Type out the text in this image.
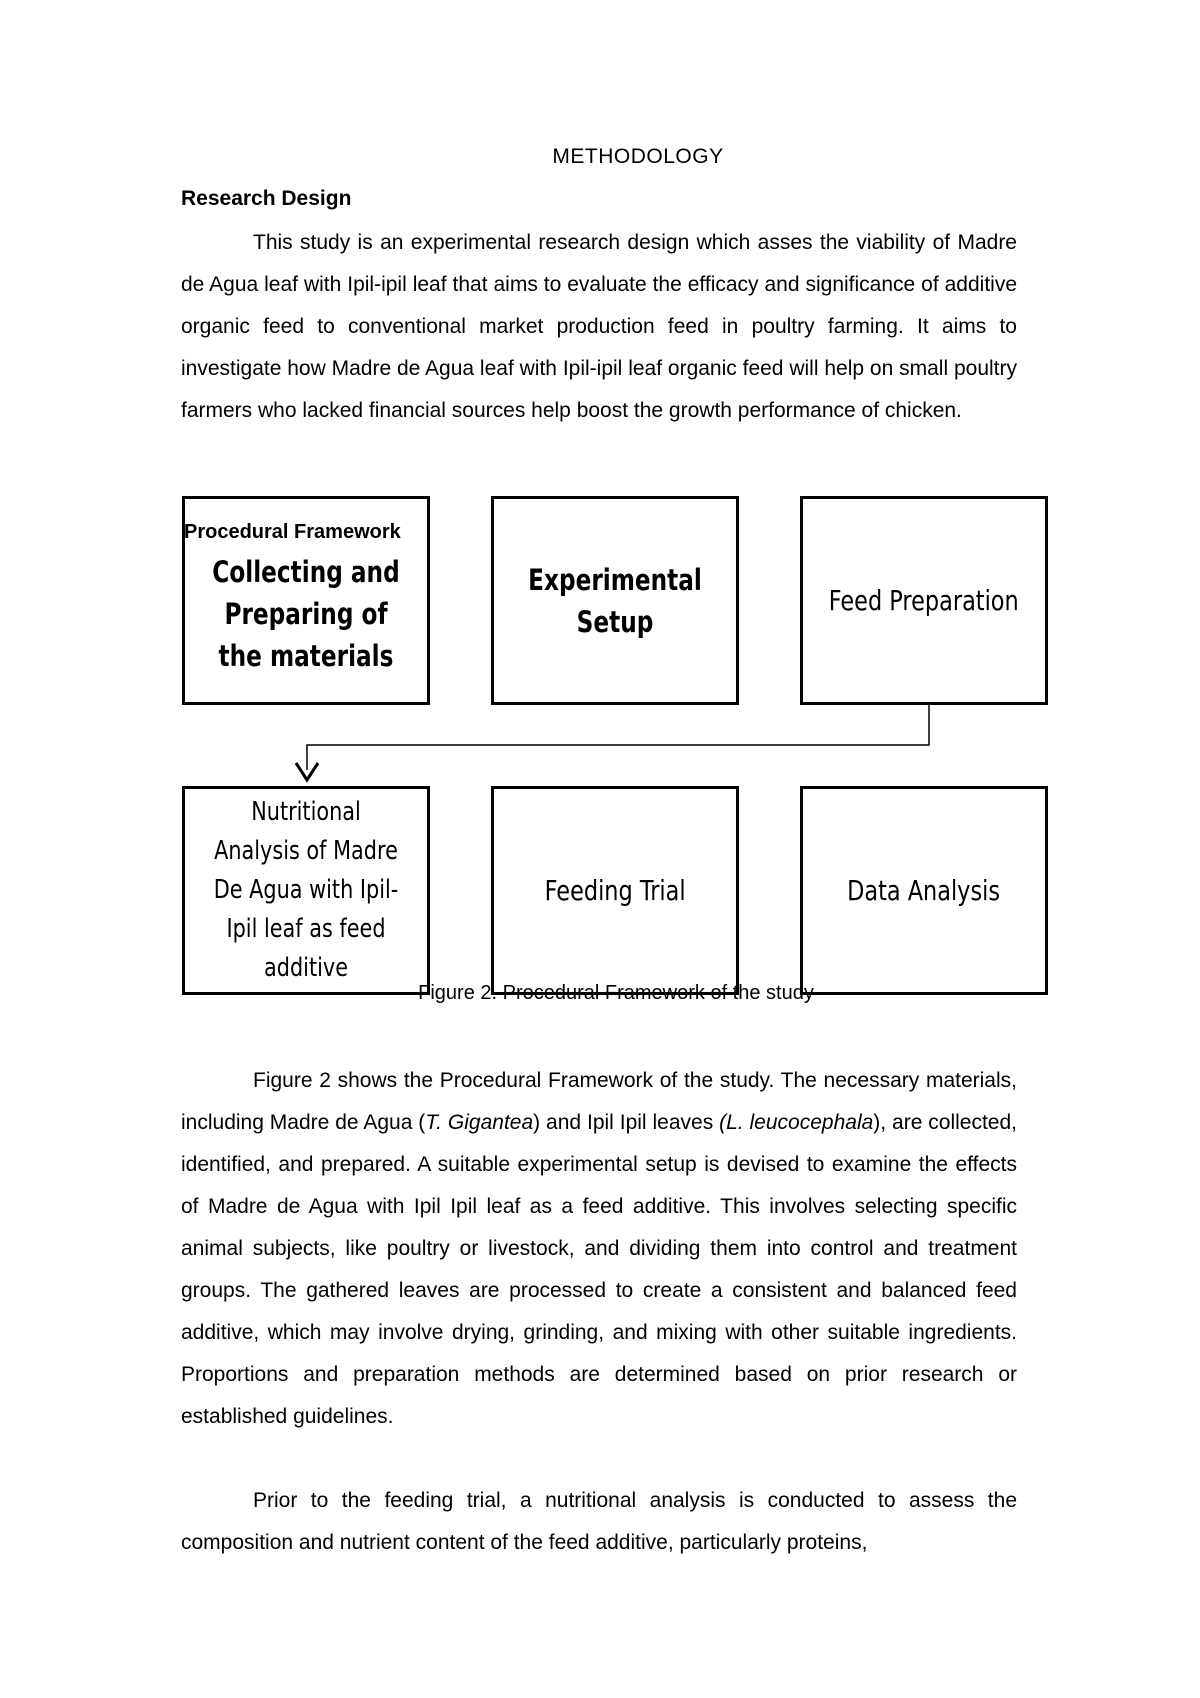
METHODOLOGY
Research Design

This study is an experimental research design which asses the viability of Madre de Agua leaf with Ipil-ipil leaf that aims to evaluate the efficacy and significance of additive organic feed to conventional market production feed in poultry farming. It aims to investigate how Madre de Agua leaf with Ipil-ipil leaf organic feed will help on small poultry farmers who lacked financial sources help boost the growth performance of chicken.

Collecting and Preparing of the materials
Experimental Setup
Feed Preparation
Nutritional Analysis of Madre De Agua with Ipil-Ipil leaf as feed additive
Feeding Trial	Data Analysis
Procedural Framework
Figure 2. Procedural Framework of the study

Figure 2 shows the Procedural Framework of the study. The necessary materials, including Madre de Agua (T. Gigantea) and Ipil Ipil leaves (L. leucocephala), are collected, identified, and prepared. A suitable experimental setup is devised to examine the effects of Madre de Agua with Ipil Ipil leaf as a feed additive. This involves selecting specific animal subjects, like poultry or livestock, and dividing them into control and treatment groups. The gathered leaves are processed to create a consistent and balanced feed additive, which may involve drying, grinding, and mixing with other suitable ingredients. Proportions and preparation methods are determined based on prior research or established guidelines.

Prior to the feeding trial, a nutritional analysis is conducted to assess the composition and nutrient content of the feed additive, particularly proteins,
